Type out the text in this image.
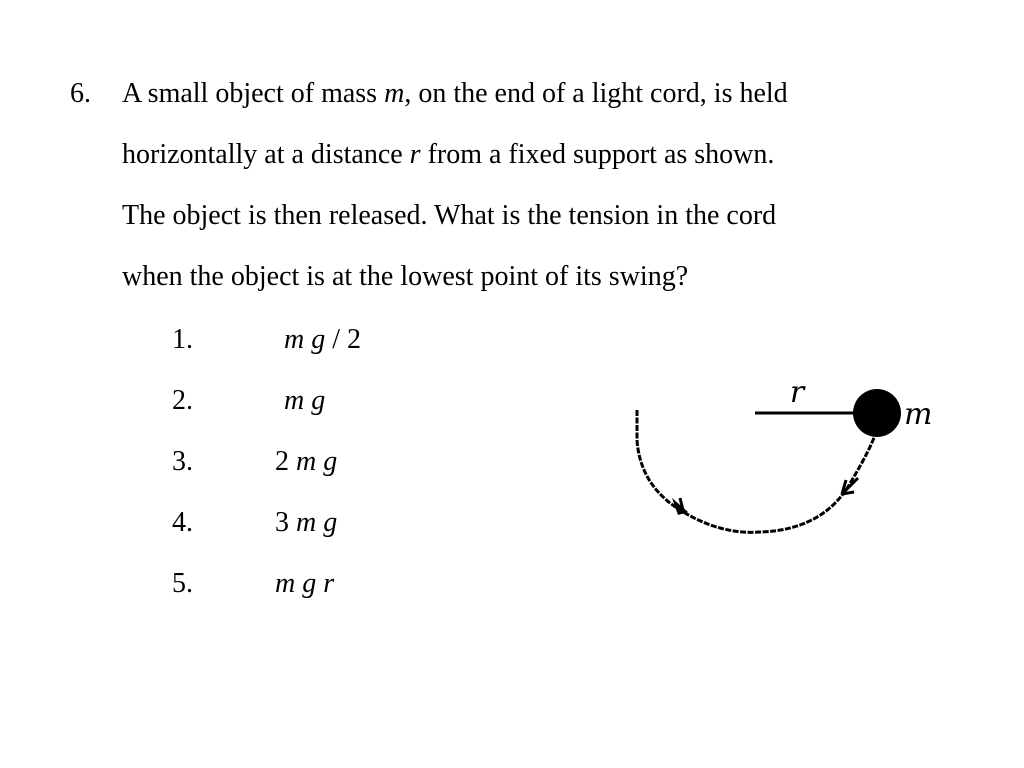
6. A small object of mass m, on the end of a light cord, is held
horizontally at a distance r from a fixed support as shown.
The object is then released. What is the tension in the cord
when the object is at the lowest point of its swing?
1.	m g / 2
2.	m g
3.	2 m g
4.	3 m g
5.	m g r
r
m
